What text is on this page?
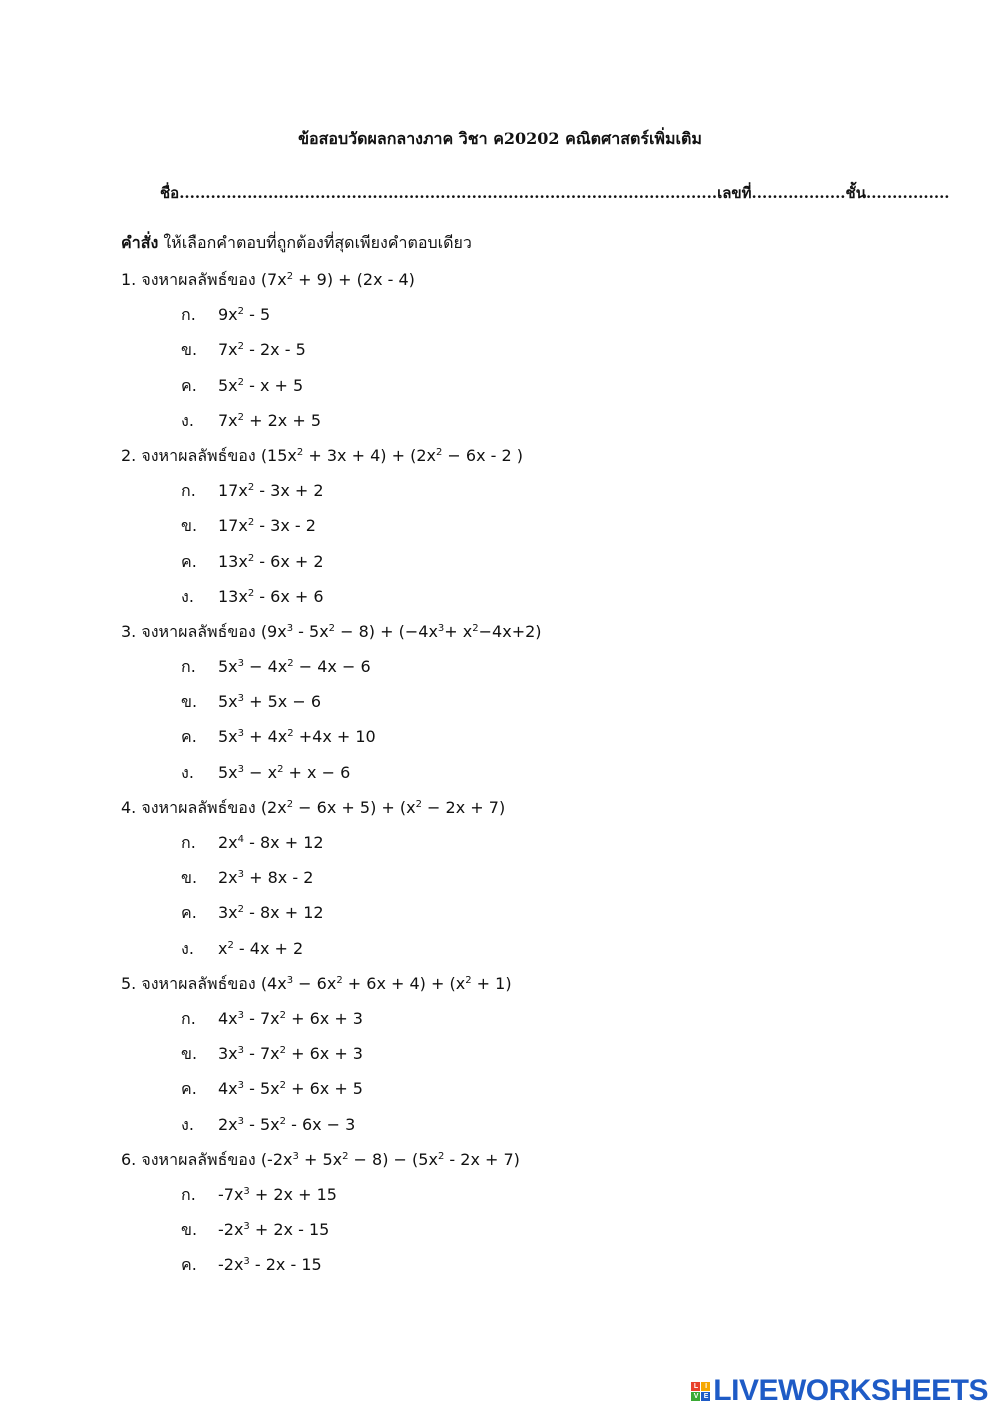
ข้อสอบวัดผลกลางภาค วิชา ค20202 คณิตศาสตร์เพิ่มเติม
ชื่อ.......................................................................................................เลขที่..................ชั้น................
คำสั่ง ให้เลือกคำตอบที่ถูกต้องที่สุดเพียงคำตอบเดียว
1. จงหาผลลัพธ์ของ $(7x^2 + 9) + (2x - 4)$
ก. $9x^2 - 5$
ข. $7x^2 - 2x - 5$
ค. $5x^2 - x + 5$
ง. $7x^2 + 2x + 5$
2. จงหาผลลัพธ์ของ $(15x^2 + 3x + 4) + (2x^2 - 6x - 2$ )
ก. $17x^2 - 3x + 2$
ข. $17x^2 - 3x - 2$
ค. $13x^2 - 6x + 2$
ง. $13x^2 - 6x + 6$
3. จงหาผลลัพธ์ของ $(9x^3 - 5x^2 - 8) + (-4x^3+ x^2-4x+2)$
ก. $5x^3 - 4x^2 - 4x - 6$
ข. $5x^3 + 5x - 6$
ค. $5x^3 + 4x^2 +4x + 10$
ง. $5x^3 - x^2 + x - 6$
4. จงหาผลลัพธ์ของ $(2x^2 - 6x + 5) + (x^2 - 2x + 7)$
ก. $2x^4 - 8x + 12$
ข. $2x^3 + 8x - 2$
ค. $3x^2 - 8x + 12$
ง. $x^2 - 4x + 2$
5. จงหาผลลัพธ์ของ $(4x^3 - 6x^2 + 6x + 4) + (x^2 + 1)$
ก. $4x^3 - 7x^2 + 6x + 3$
ข. $3x^3 - 7x^2 + 6x + 3$
ค. $4x^3 - 5x^2 + 6x + 5$
ง. $2x^3 - 5x^2 - 6x - 3$
6. จงหาผลลัพธ์ของ $(-2x^3 + 5x^2 - 8) - (5x^2 - 2x + 7)$
ก. $-7x^3 + 2x + 15$
ข. $-2x^3 + 2x - 15$
ค. $-2x^3 - 2x - 15$
L	I
V E LIVEWORKSHEETS
